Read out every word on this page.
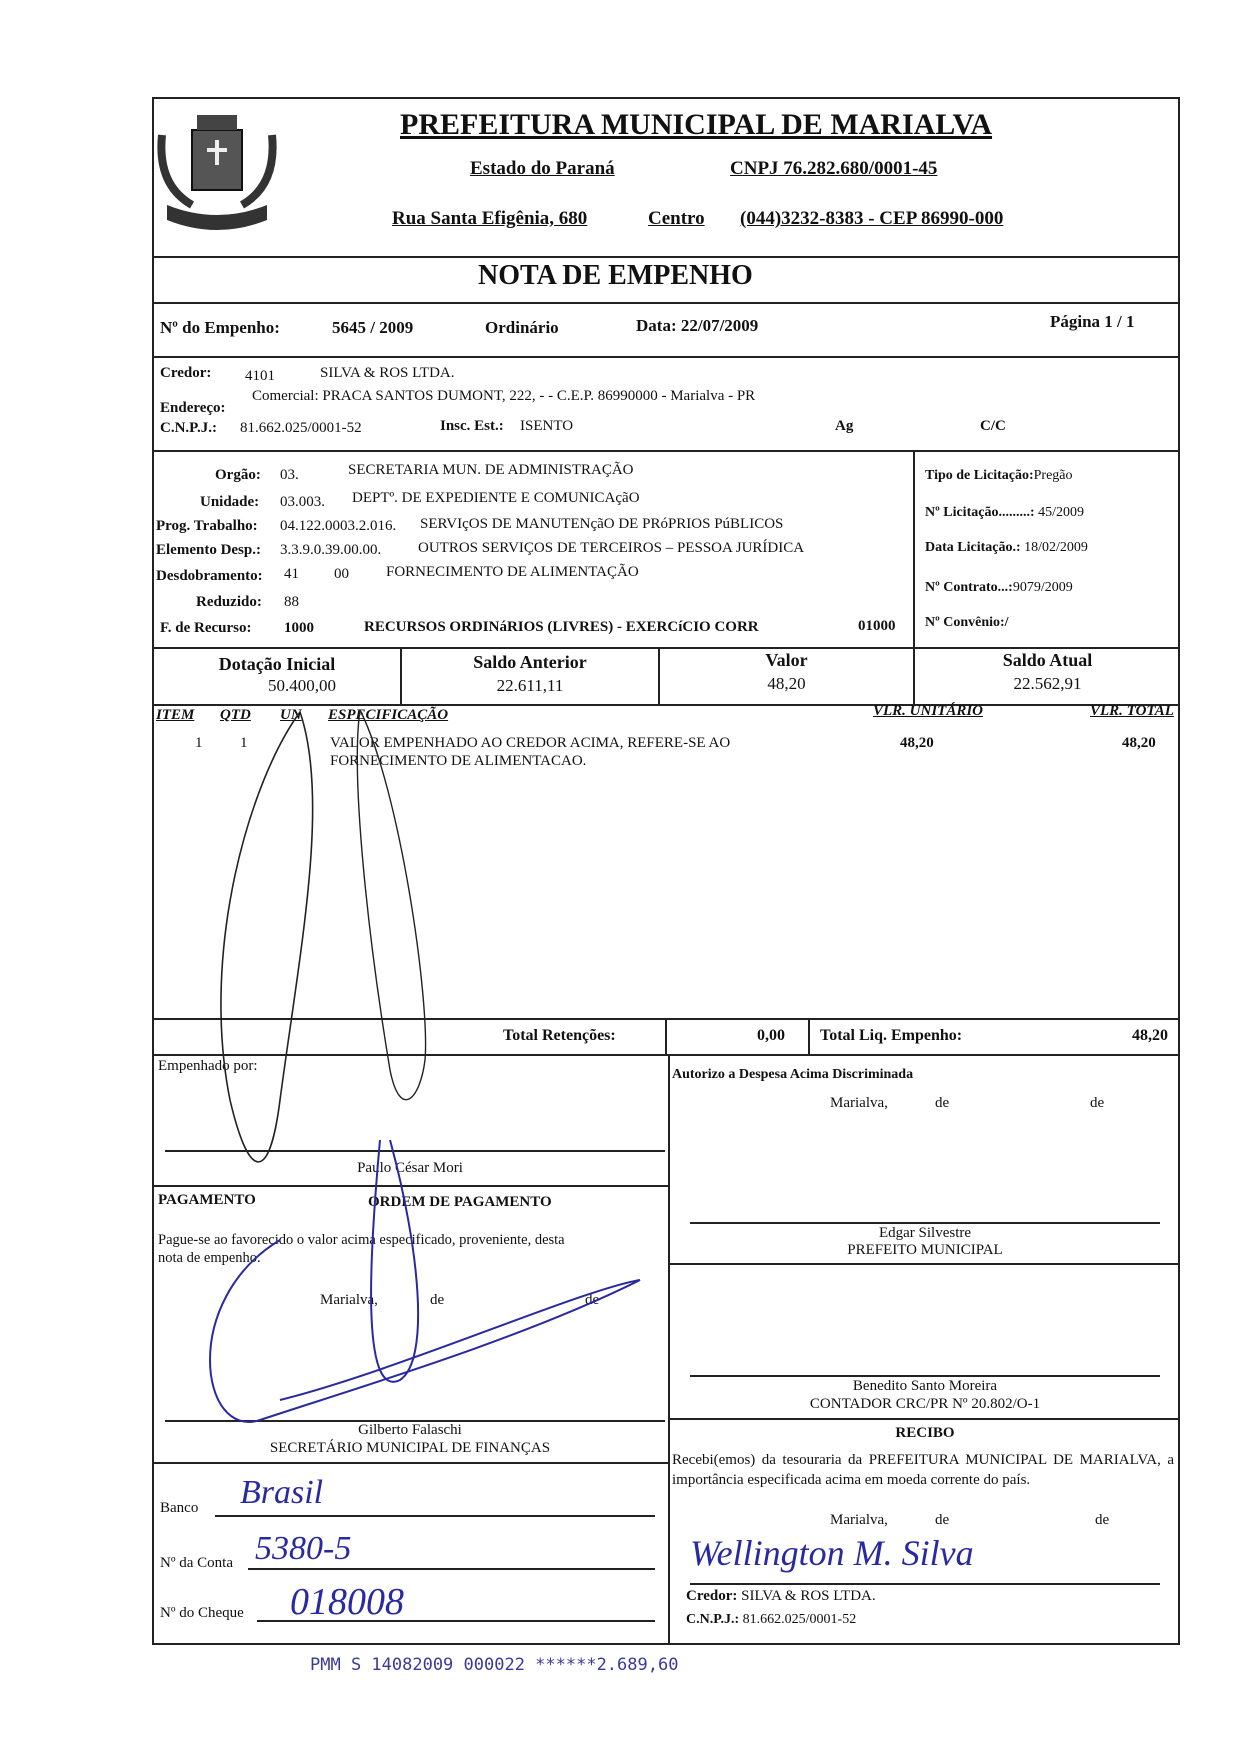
PREFEITURA MUNICIPAL DE MARIALVA
Estado do Paraná	CNPJ 76.282.680/0001-45
Rua Santa Efigênia, 680	Centro (044)3232-8383 - CEP 86990-000
NOTA DE EMPENHO
Nº do Empenho:	5645 / 2009	Ordinário	Data: 22/07/2009	Página 1 / 1
Credor: 4101	SILVA & ROS LTDA.
Endereço:
Comercial: PRACA SANTOS DUMONT, 222, - - C.E.P. 86990000 - Marialva - PR
C.N.P.J.: 81.662.025/0001-52	Insc. Est.: ISENTO	Ag	C/C
Orgão: 03.	SECRETARIA MUN. DE ADMINISTRAÇÃO
Unidade: 03.003. DEPTº. DE EXPEDIENTE E COMUNICAçãO
Prog. Trabalho: 04.122.0003.2.016. SERVIçOS DE MANUTENçãO DE PRóPRIOS PúBLICOS
Elemento Desp.: 3.3.9.0.39.00.00. OUTROS SERVIÇOS DE TERCEIROS – PESSOA JURÍDICA
Desdobramento: 41 00 FORNECIMENTO DE ALIMENTAÇÃO
Reduzido: 88
F. de Recurso: 1000	RECURSOS ORDINáRIOS (LIVRES) - EXERCíCIO CORR	01000
Tipo de Licitação:Pregão
Nº Licitação.........: 45/2009
Data Licitação.: 18/02/2009
Nº Contrato...:9079/2009
Nº Convênio:/
Dotação Inicial
50.400,00
Saldo Anterior
22.611,11
Valor
48,20
Saldo Atual
22.562,91
ITEM QTD UN ESPECIFICAÇÃO	VLR. UNITÁRIO	VLR. TOTAL
1	1	VALOR EMPENHADO AO CREDOR ACIMA, REFERE-SE AO
FORNECIMENTO DE ALIMENTACAO.
48,20	48,20
Total Retenções:	0,00 Total Liq. Empenho:	48,20
Empenhado por:
Paulo César Mori
Autorizo a Despesa Acima Discriminada
Marialva,	de	de
Edgar Silvestre
PREFEITO MUNICIPAL
Benedito Santo Moreira
CONTADOR CRC/PR Nº 20.802/O-1
PAGAMENTO	ORDEM DE PAGAMENTO
Pague-se ao favorecido o valor acima especificado, proveniente, desta
nota de empenho.
Marialva,	de	de
Gilberto Falaschi
SECRETÁRIO MUNICIPAL DE FINANÇAS
Banco Brasil
Nº da Conta 5380-5
Nº do Cheque 018008
RECIBO
Recebi(emos) da tesouraria da PREFEITURA MUNICIPAL DE MARIALVA, a importância especificada acima em moeda corrente do país.
Marialva,	de	de
Wellington M. Silva
Credor: SILVA & ROS LTDA.
C.N.P.J.: 81.662.025/0001-52
PMM S 14082009 000022 ******2.689,60
